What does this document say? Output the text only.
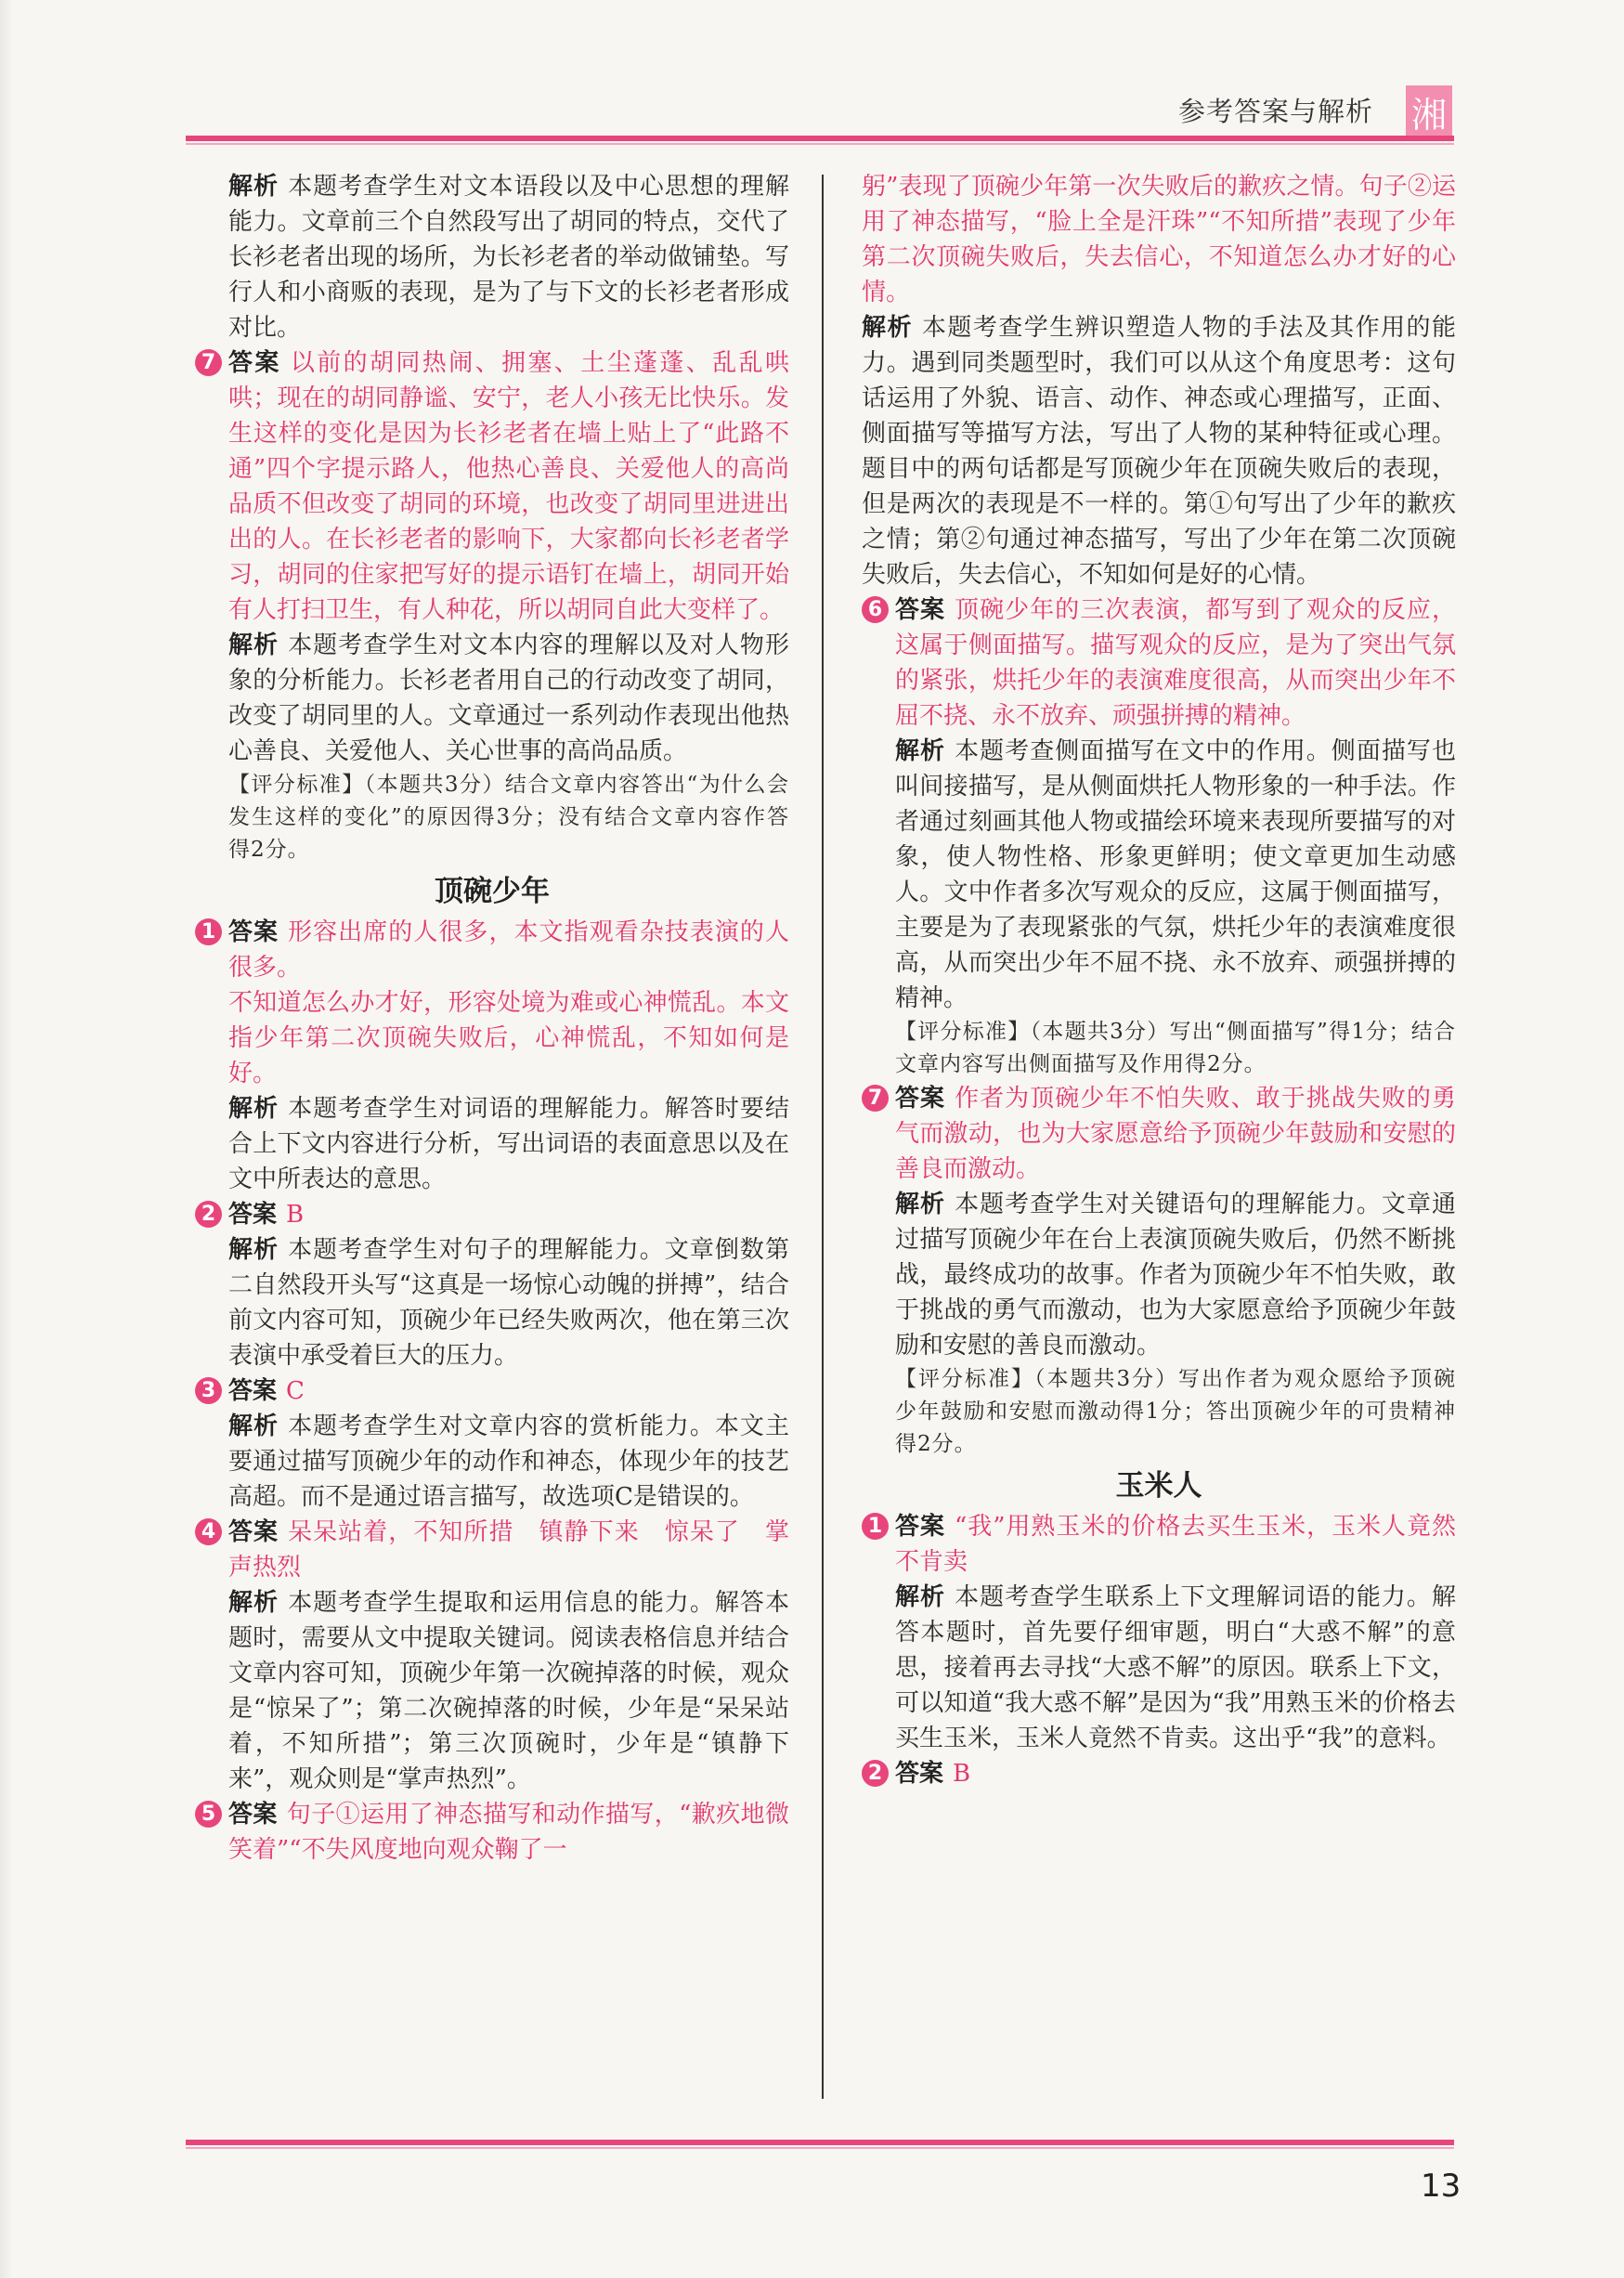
参考答案与解析 湘
解析 本题考查学生对文本语段以及中心思想的理解能力。文章前三个自然段写出了胡同的特点，交代了长衫老者出现的场所，为长衫老者的举动做铺垫。写行人和小商贩的表现，是为了与下文的长衫老者形成对比。
7 答案 以前的胡同热闹、拥塞、土尘蓬蓬、乱乱哄哄；现在的胡同静谧、安宁，老人小孩无比快乐。发生这样的变化是因为长衫老者在墙上贴上了“此路不通”四个字提示路人，他热心善良、关爱他人的高尚品质不但改变了胡同的环境，也改变了胡同里进进出出的人。在长衫老者的影响下，大家都向长衫老者学习，胡同的住家把写好的提示语钉在墙上，胡同开始有人打扫卫生，有人种花，所以胡同自此大变样了。
解析 本题考查学生对文本内容的理解以及对人物形象的分析能力。长衫老者用自己的行动改变了胡同，改变了胡同里的人。文章通过一系列动作表现出他热心善良、关爱他人、关心世事的高尚品质。
【评分标准】（本题共3分）结合文章内容答出“为什么会发生这样的变化”的原因得3分；没有结合文章内容作答得2分。
顶碗少年
1 答案 形容出席的人很多，本文指观看杂技表演的人很多。
不知道怎么办才好，形容处境为难或心神慌乱。本文指少年第二次顶碗失败后，心神慌乱，不知如何是好。
解析 本题考查学生对词语的理解能力。解答时要结合上下文内容进行分析，写出词语的表面意思以及在文中所表达的意思。
2 答案 B
解析 本题考查学生对句子的理解能力。文章倒数第二自然段开头写“这真是一场惊心动魄的拼搏”，结合前文内容可知，顶碗少年已经失败两次，他在第三次表演中承受着巨大的压力。
3 答案 C
解析 本题考查学生对文章内容的赏析能力。本文主要通过描写顶碗少年的动作和神态，体现少年的技艺高超。而不是通过语言描写，故选项C是错误的。
4 答案 呆呆站着，不知所措　镇静下来　惊呆了　掌声热烈
解析 本题考查学生提取和运用信息的能力。解答本题时，需要从文中提取关键词。阅读表格信息并结合文章内容可知，顶碗少年第一次碗掉落的时候，观众是“惊呆了”；第二次碗掉落的时候，少年是“呆呆站着，不知所措”；第三次顶碗时，少年是“镇静下来”，观众则是“掌声热烈”。
5 答案 句子①运用了神态描写和动作描写，“歉疚地微笑着”“不失风度地向观众鞠了一
躬”表现了顶碗少年第一次失败后的歉疚之情。句子②运用了神态描写，“脸上全是汗珠”“不知所措”表现了少年第二次顶碗失败后，失去信心，不知道怎么办才好的心情。
解析 本题考查学生辨识塑造人物的手法及其作用的能力。遇到同类题型时，我们可以从这个角度思考：这句话运用了外貌、语言、动作、神态或心理描写，正面、侧面描写等描写方法，写出了人物的某种特征或心理。题目中的两句话都是写顶碗少年在顶碗失败后的表现，但是两次的表现是不一样的。第①句写出了少年的歉疚之情；第②句通过神态描写，写出了少年在第二次顶碗失败后，失去信心，不知如何是好的心情。
6 答案 顶碗少年的三次表演，都写到了观众的反应，这属于侧面描写。描写观众的反应，是为了突出气氛的紧张，烘托少年的表演难度很高，从而突出少年不屈不挠、永不放弃、顽强拼搏的精神。
解析 本题考查侧面描写在文中的作用。侧面描写也叫间接描写，是从侧面烘托人物形象的一种手法。作者通过刻画其他人物或描绘环境来表现所要描写的对象，使人物性格、形象更鲜明；使文章更加生动感人。文中作者多次写观众的反应，这属于侧面描写，主要是为了表现紧张的气氛，烘托少年的表演难度很高，从而突出少年不屈不挠、永不放弃、顽强拼搏的精神。
【评分标准】（本题共3分）写出“侧面描写”得1分；结合文章内容写出侧面描写及作用得2分。
7 答案 作者为顶碗少年不怕失败、敢于挑战失败的勇气而激动，也为大家愿意给予顶碗少年鼓励和安慰的善良而激动。
解析 本题考查学生对关键语句的理解能力。文章通过描写顶碗少年在台上表演顶碗失败后，仍然不断挑战，最终成功的故事。作者为顶碗少年不怕失败，敢于挑战的勇气而激动，也为大家愿意给予顶碗少年鼓励和安慰的善良而激动。
【评分标准】（本题共3分）写出作者为观众愿给予顶碗少年鼓励和安慰而激动得1分；答出顶碗少年的可贵精神得2分。
玉米人
1 答案 “我”用熟玉米的价格去买生玉米，玉米人竟然不肯卖
解析 本题考查学生联系上下文理解词语的能力。解答本题时，首先要仔细审题，明白“大惑不解”的意思，接着再去寻找“大惑不解”的原因。联系上下文，可以知道“我大惑不解”是因为“我”用熟玉米的价格去买生玉米，玉米人竟然不肯卖。这出乎“我”的意料。
2 答案 B
13
